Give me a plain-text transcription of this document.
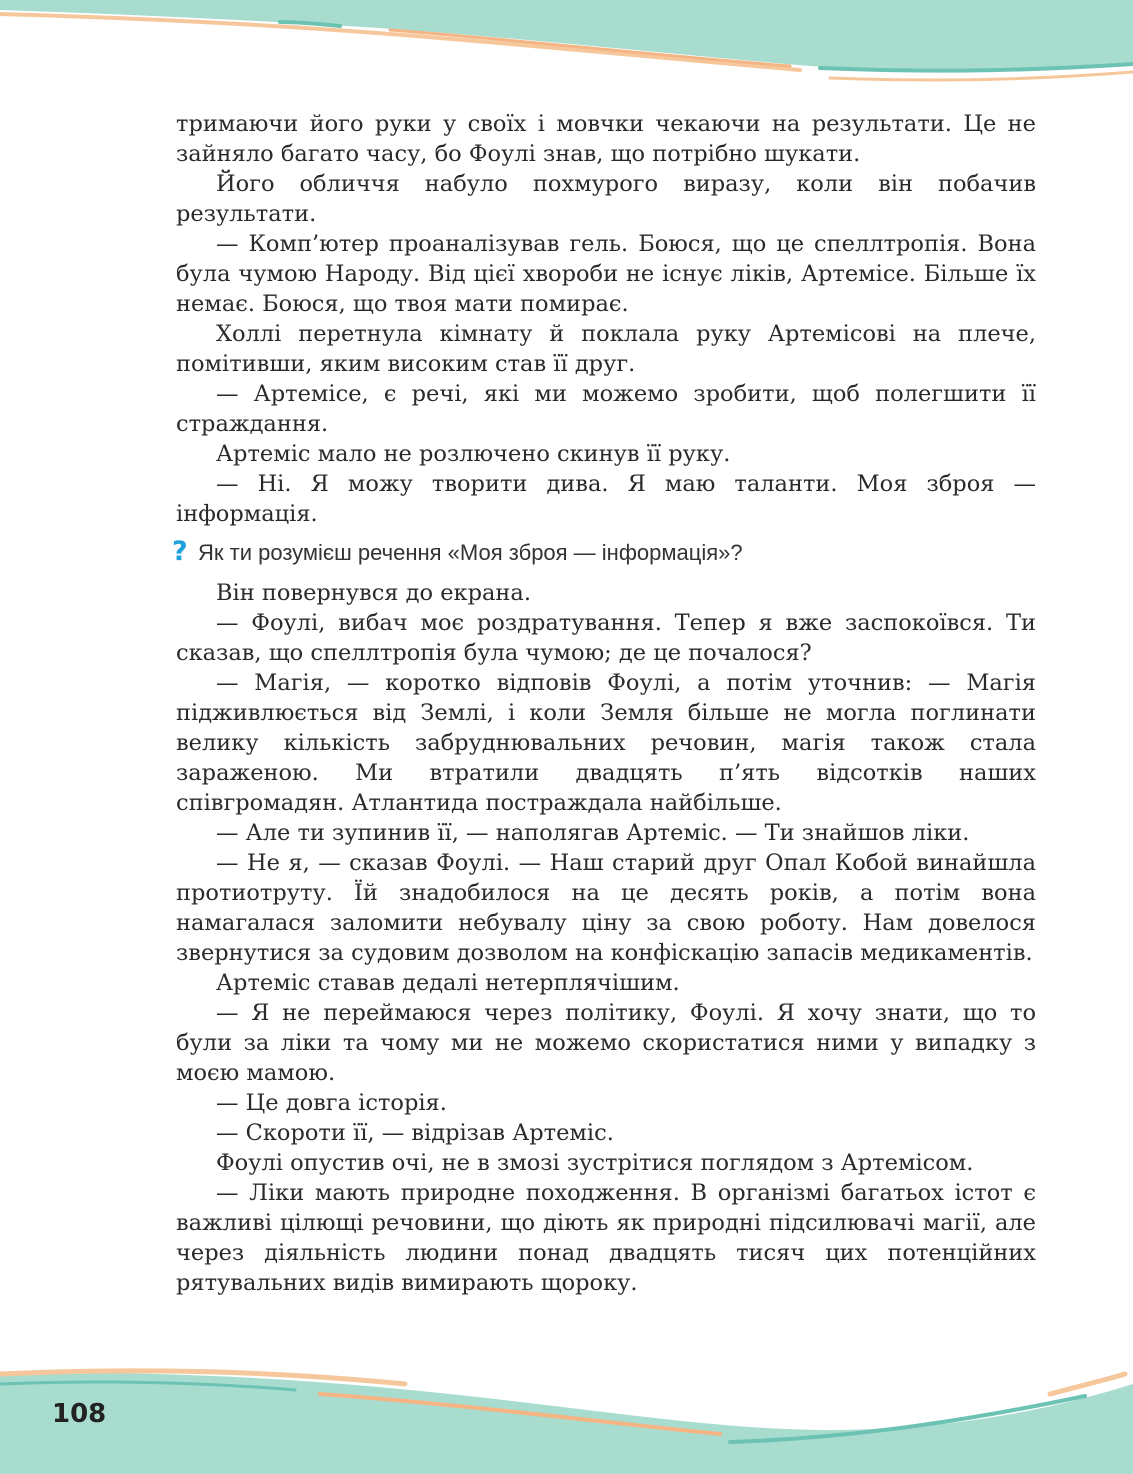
тримаючи його руки у своїх і мовчки чекаючи на результати. Це не зайняло багато часу, бо Фоулі знав, що потрібно шукати.

Його обличчя набуло похмурого виразу, коли він побачив результати.

— Комп’ютер проаналізував гель. Боюся, що це спеллтропія. Вона була чумою Народу. Від цієї хвороби не існує ліків, Артемісе. Більше їх немає. Боюся, що твоя мати помирає.

Холлі перетнула кімнату й поклала руку Артемісові на плече, помітивши, яким високим став її друг.

— Артемісе, є речі, які ми можемо зробити, щоб полегшити її страждання.

Артеміс мало не розлючено скинув її руку.

— Ні. Я можу творити дива. Я маю таланти. Моя зброя — інформація.

? Як ти розумієш речення «Моя зброя — інформація»?

Він повернувся до екрана.

— Фоулі, вибач моє роздратування. Тепер я вже заспокоївся. Ти сказав, що спеллтропія була чумою; де це почалося?

— Магія, — коротко відповів Фоулі, а потім уточнив: — Магія підживлюється від Землі, і коли Земля більше не могла поглинати велику кількість забруднювальних речовин, магія також стала зараженою. Ми втратили двадцять п’ять відсотків наших співгромадян. Атлантида постраждала найбільше.

— Але ти зупинив її, — наполягав Артеміс. — Ти знайшов ліки.

— Не я, — сказав Фоулі. — Наш старий друг Опал Кобой винайшла протиотруту. Їй знадобилося на це десять років, а потім вона намагалася заломити небувалу ціну за свою роботу. Нам довелося звернутися за судовим дозволом на конфіскацію запасів медикаментів.

Артеміс ставав дедалі нетерплячішим.

— Я не переймаюся через політику, Фоулі. Я хочу знати, що то були за ліки та чому ми не можемо скористатися ними у випадку з моєю мамою.

— Це довга історія.

— Скороти її, — відрізав Артеміс.

Фоулі опустив очі, не в змозі зустрітися поглядом з Артемісом.

— Ліки мають природне походження. В організмі багатьох істот є важливі цілющі речовини, що діють як природні підсилювачі магії, але через діяльність людини понад двадцять тисяч цих потенційних рятувальних видів вимирають щороку.

108
